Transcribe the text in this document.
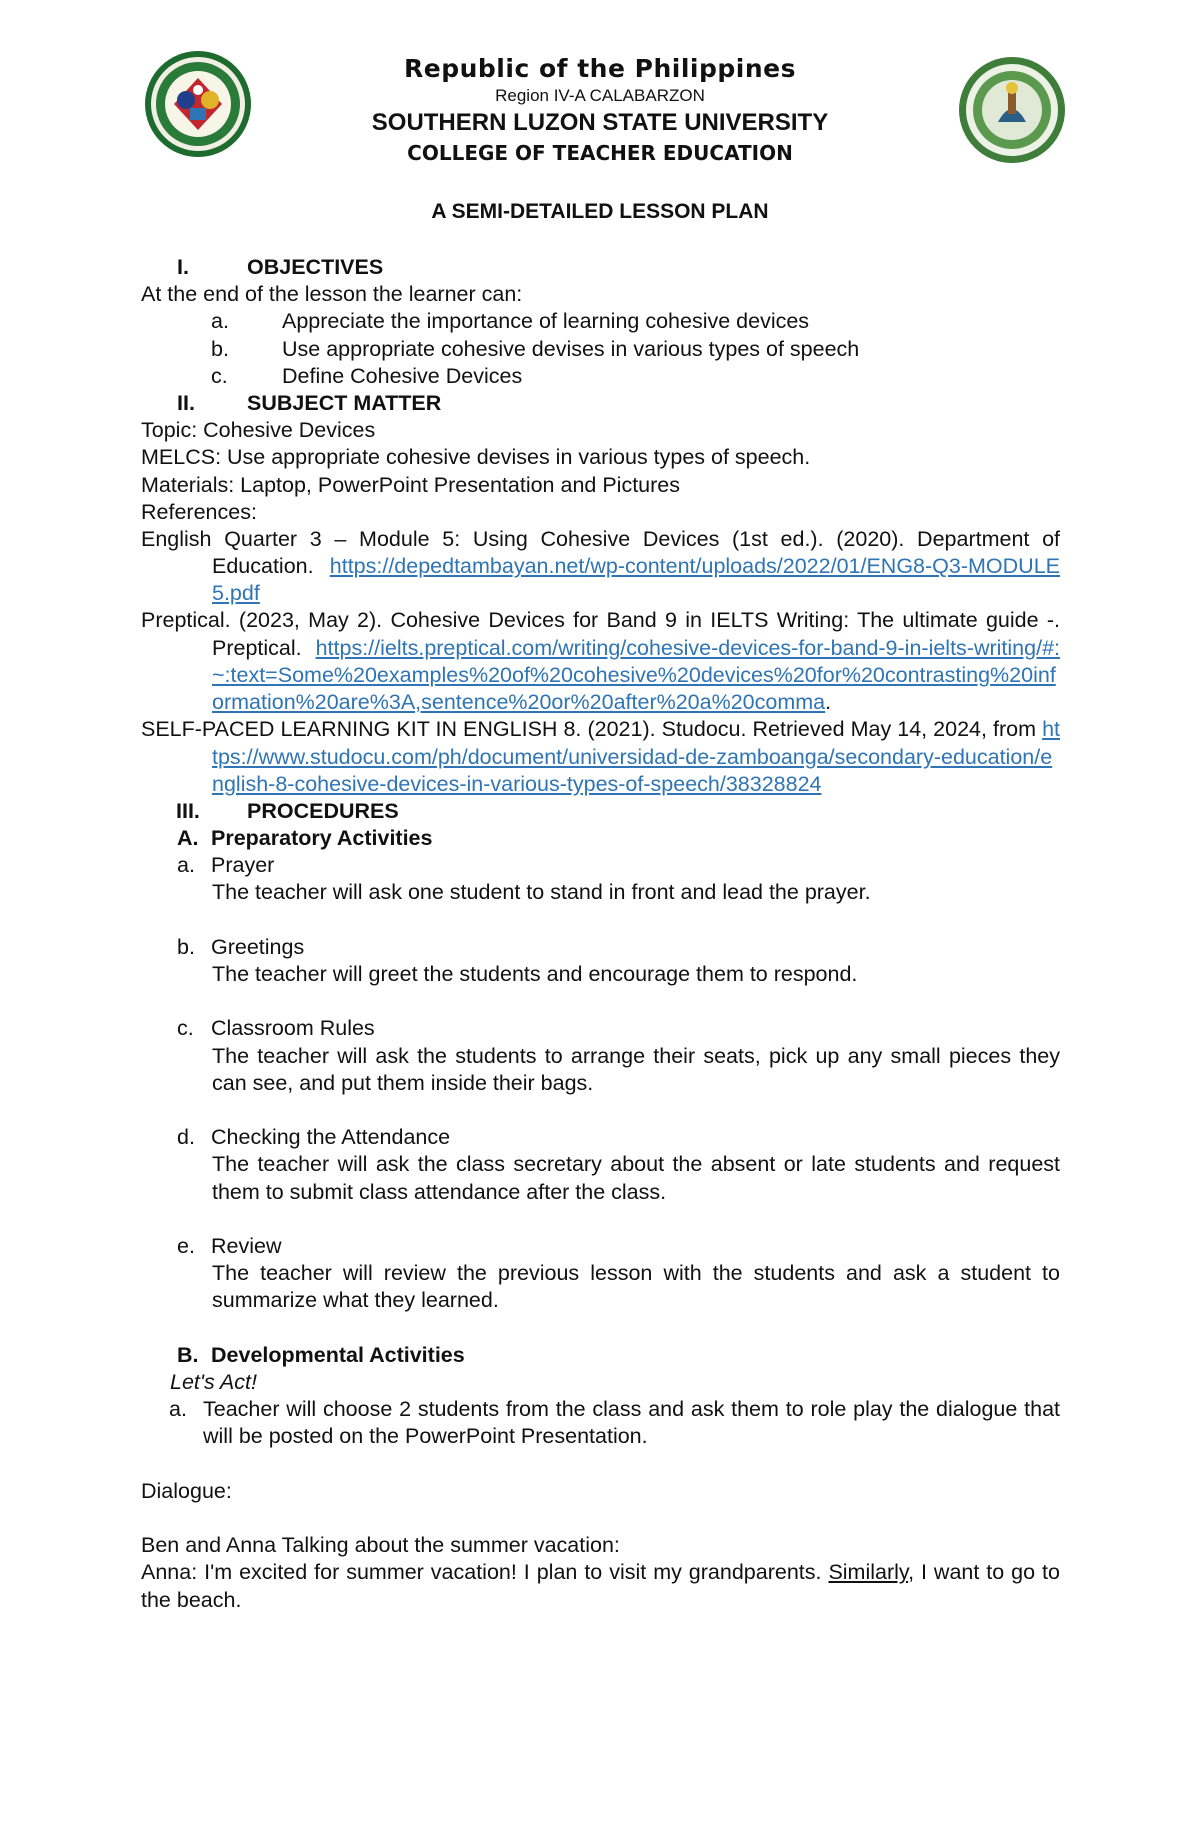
Republic of the Philippines
Region IV-A CALABARZON
SOUTHERN LUZON STATE UNIVERSITY
COLLEGE OF TEACHER EDUCATION
A SEMI-DETAILED LESSON PLAN
I.	OBJECTIVES
At the end of the lesson the learner can:
a. Appreciate the importance of learning cohesive devices
b. Use appropriate cohesive devises in various types of speech
c.	Define Cohesive Devices
II. SUBJECT MATTER
Topic: Cohesive Devices
MELCS: Use appropriate cohesive devises in various types of speech.
Materials: Laptop, PowerPoint Presentation and Pictures
References:
English Quarter 3 – Module 5: Using Cohesive Devices (1st ed.). (2020). Department of Education. https://depedtambayan.net/wp-content/uploads/2022/01/ENG8-Q3-MODULE5.pdf
Preptical. (2023, May 2). Cohesive Devices for Band 9 in IELTS Writing: The ultimate guide -. Preptical. https://ielts.preptical.com/writing/cohesive-devices-for-band-9-in-ielts-writing/#:~:text=Some%20examples%20of%20cohesive%20devices%20for%20contrasting%20information%20are%3A,sentence%20or%20after%20a%20comma.
SELF-PACED LEARNING KIT IN ENGLISH 8. (2021). Studocu. Retrieved May 14, 2024, from https://www.studocu.com/ph/document/universidad-de-zamboanga/secondary-education/english-8-cohesive-devices-in-various-types-of-speech/38328824
III. PROCEDURES
A. Preparatory Activities
a. Prayer
The teacher will ask one student to stand in front and lead the prayer.
b. Greetings
The teacher will greet the students and encourage them to respond.
c. Classroom Rules
The teacher will ask the students to arrange their seats, pick up any small pieces they can see, and put them inside their bags.
d. Checking the Attendance
The teacher will ask the class secretary about the absent or late students and request them to submit class attendance after the class.
e. Review
The teacher will review the previous lesson with the students and ask a student to summarize what they learned.
B. Developmental Activities
Let's Act!
a. Teacher will choose 2 students from the class and ask them to role play the dialogue that will be posted on the PowerPoint Presentation.
Dialogue:
Ben and Anna Talking about the summer vacation:
Anna: I'm excited for summer vacation! I plan to visit my grandparents. Similarly, I want to go to the beach.
